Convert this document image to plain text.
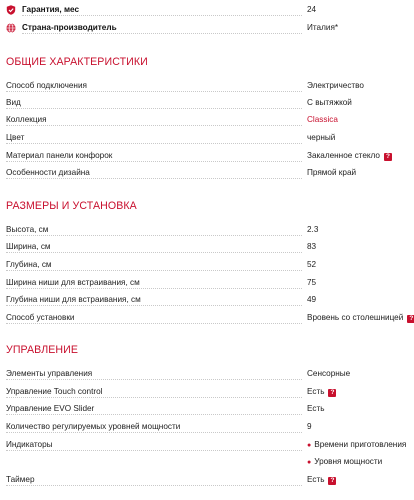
Гарантия, мес	24
Страна-производитель	Италия*
ОБЩИЕ ХАРАКТЕРИСТИКИ
Способ подключения	Электричество
Вид	С вытяжкой
Коллекция	Classica
Цвет	черный
Материал панели конфорок	Закаленное стекло ?
Особенности дизайна	Прямой край
РАЗМЕРЫ И УСТАНОВКА
Высота, см	2.3
Ширина, см	83
Глубина, см	52
Ширина ниши для встраивания, см	75
Глубина ниши для встраивания, см	49
Способ установки	Вровень со столешницей ?
УПРАВЛЕНИЕ
Элементы управления	Сенсорные
Управление Touch control	Есть ?
Управление EVO Slider	Есть
Количество регулируемых уровней мощности	9
Индикаторы	● Времени приготовления
● Уровня мощности
Таймер	Есть ?
